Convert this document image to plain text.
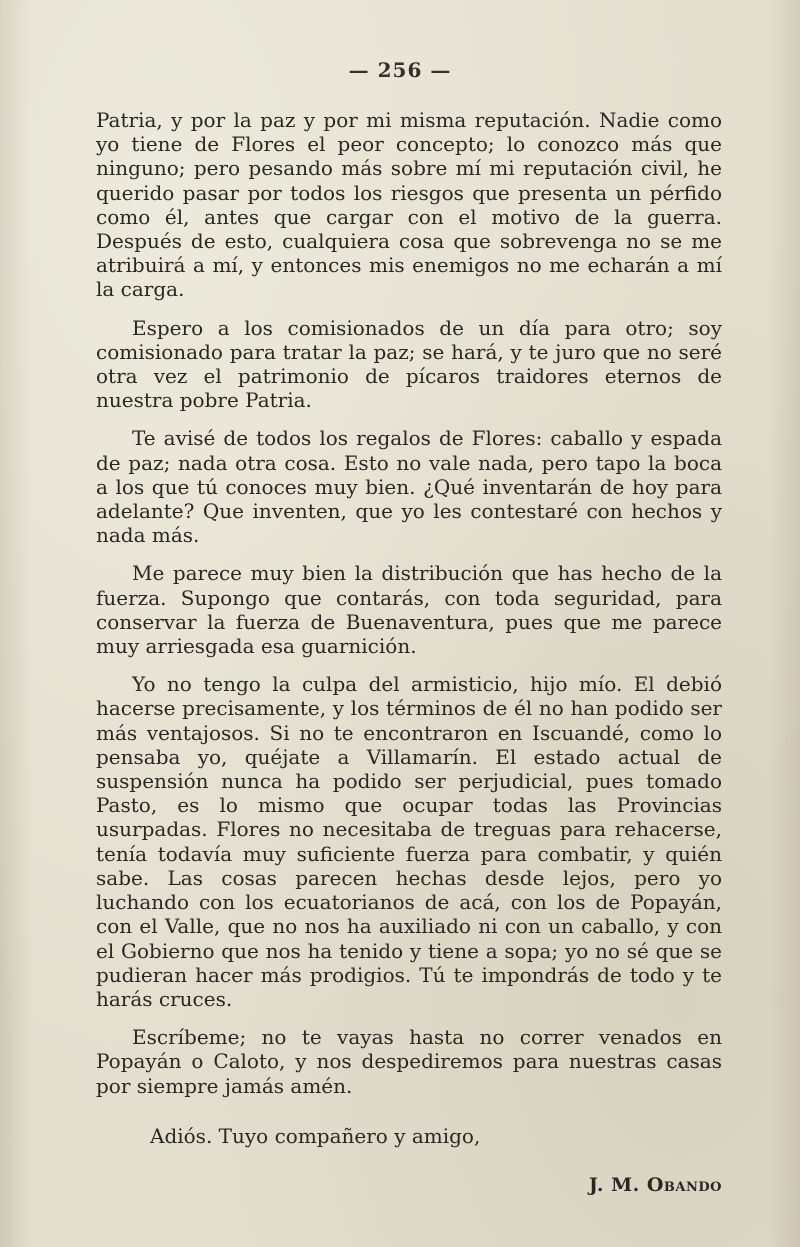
— 256 —

Patria, y por la paz y por mi misma reputación. Nadie como yo tiene de Flores el peor concepto; lo conozco más que ninguno; pero pesando más sobre mí mi reputación civil, he querido pasar por todos los riesgos que presenta un pérfido como él, antes que cargar con el motivo de la guerra. Después de esto, cualquiera cosa que sobrevenga no se me atribuirá a mí, y entonces mis enemigos no me echarán a mí la carga.

Espero a los comisionados de un día para otro; soy comisionado para tratar la paz; se hará, y te juro que no seré otra vez el patrimonio de pícaros traidores eternos de nuestra pobre Patria.

Te avisé de todos los regalos de Flores: caballo y espada de paz; nada otra cosa. Esto no vale nada, pero tapo la boca a los que tú conoces muy bien. ¿Qué inventarán de hoy para adelante? Que inventen, que yo les contestaré con hechos y nada más.

Me parece muy bien la distribución que has hecho de la fuerza. Supongo que contarás, con toda seguridad, para conservar la fuerza de Buenaventura, pues que me parece muy arriesgada esa guarnición.

Yo no tengo la culpa del armisticio, hijo mío. El debió hacerse precisamente, y los términos de él no han podido ser más ventajosos. Si no te encontraron en Iscuandé, como lo pensaba yo, quéjate a Villamarín. El estado actual de suspensión nunca ha podido ser perjudicial, pues tomado Pasto, es lo mismo que ocupar todas las Provincias usurpadas. Flores no necesitaba de treguas para rehacerse, tenía todavía muy suficiente fuerza para combatir, y quién sabe. Las cosas parecen hechas desde lejos, pero yo luchando con los ecuatorianos de acá, con los de Popayán, con el Valle, que no nos ha auxiliado ni con un caballo, y con el Gobierno que nos ha tenido y tiene a sopa; yo no sé que se pudieran hacer más prodigios. Tú te impondrás de todo y te harás cruces.

Escríbeme; no te vayas hasta no correr venados en Popayán o Caloto, y nos despediremos para nuestras casas por siempre jamás amén.

Adiós. Tuyo compañero y amigo,
J. M. Obando
